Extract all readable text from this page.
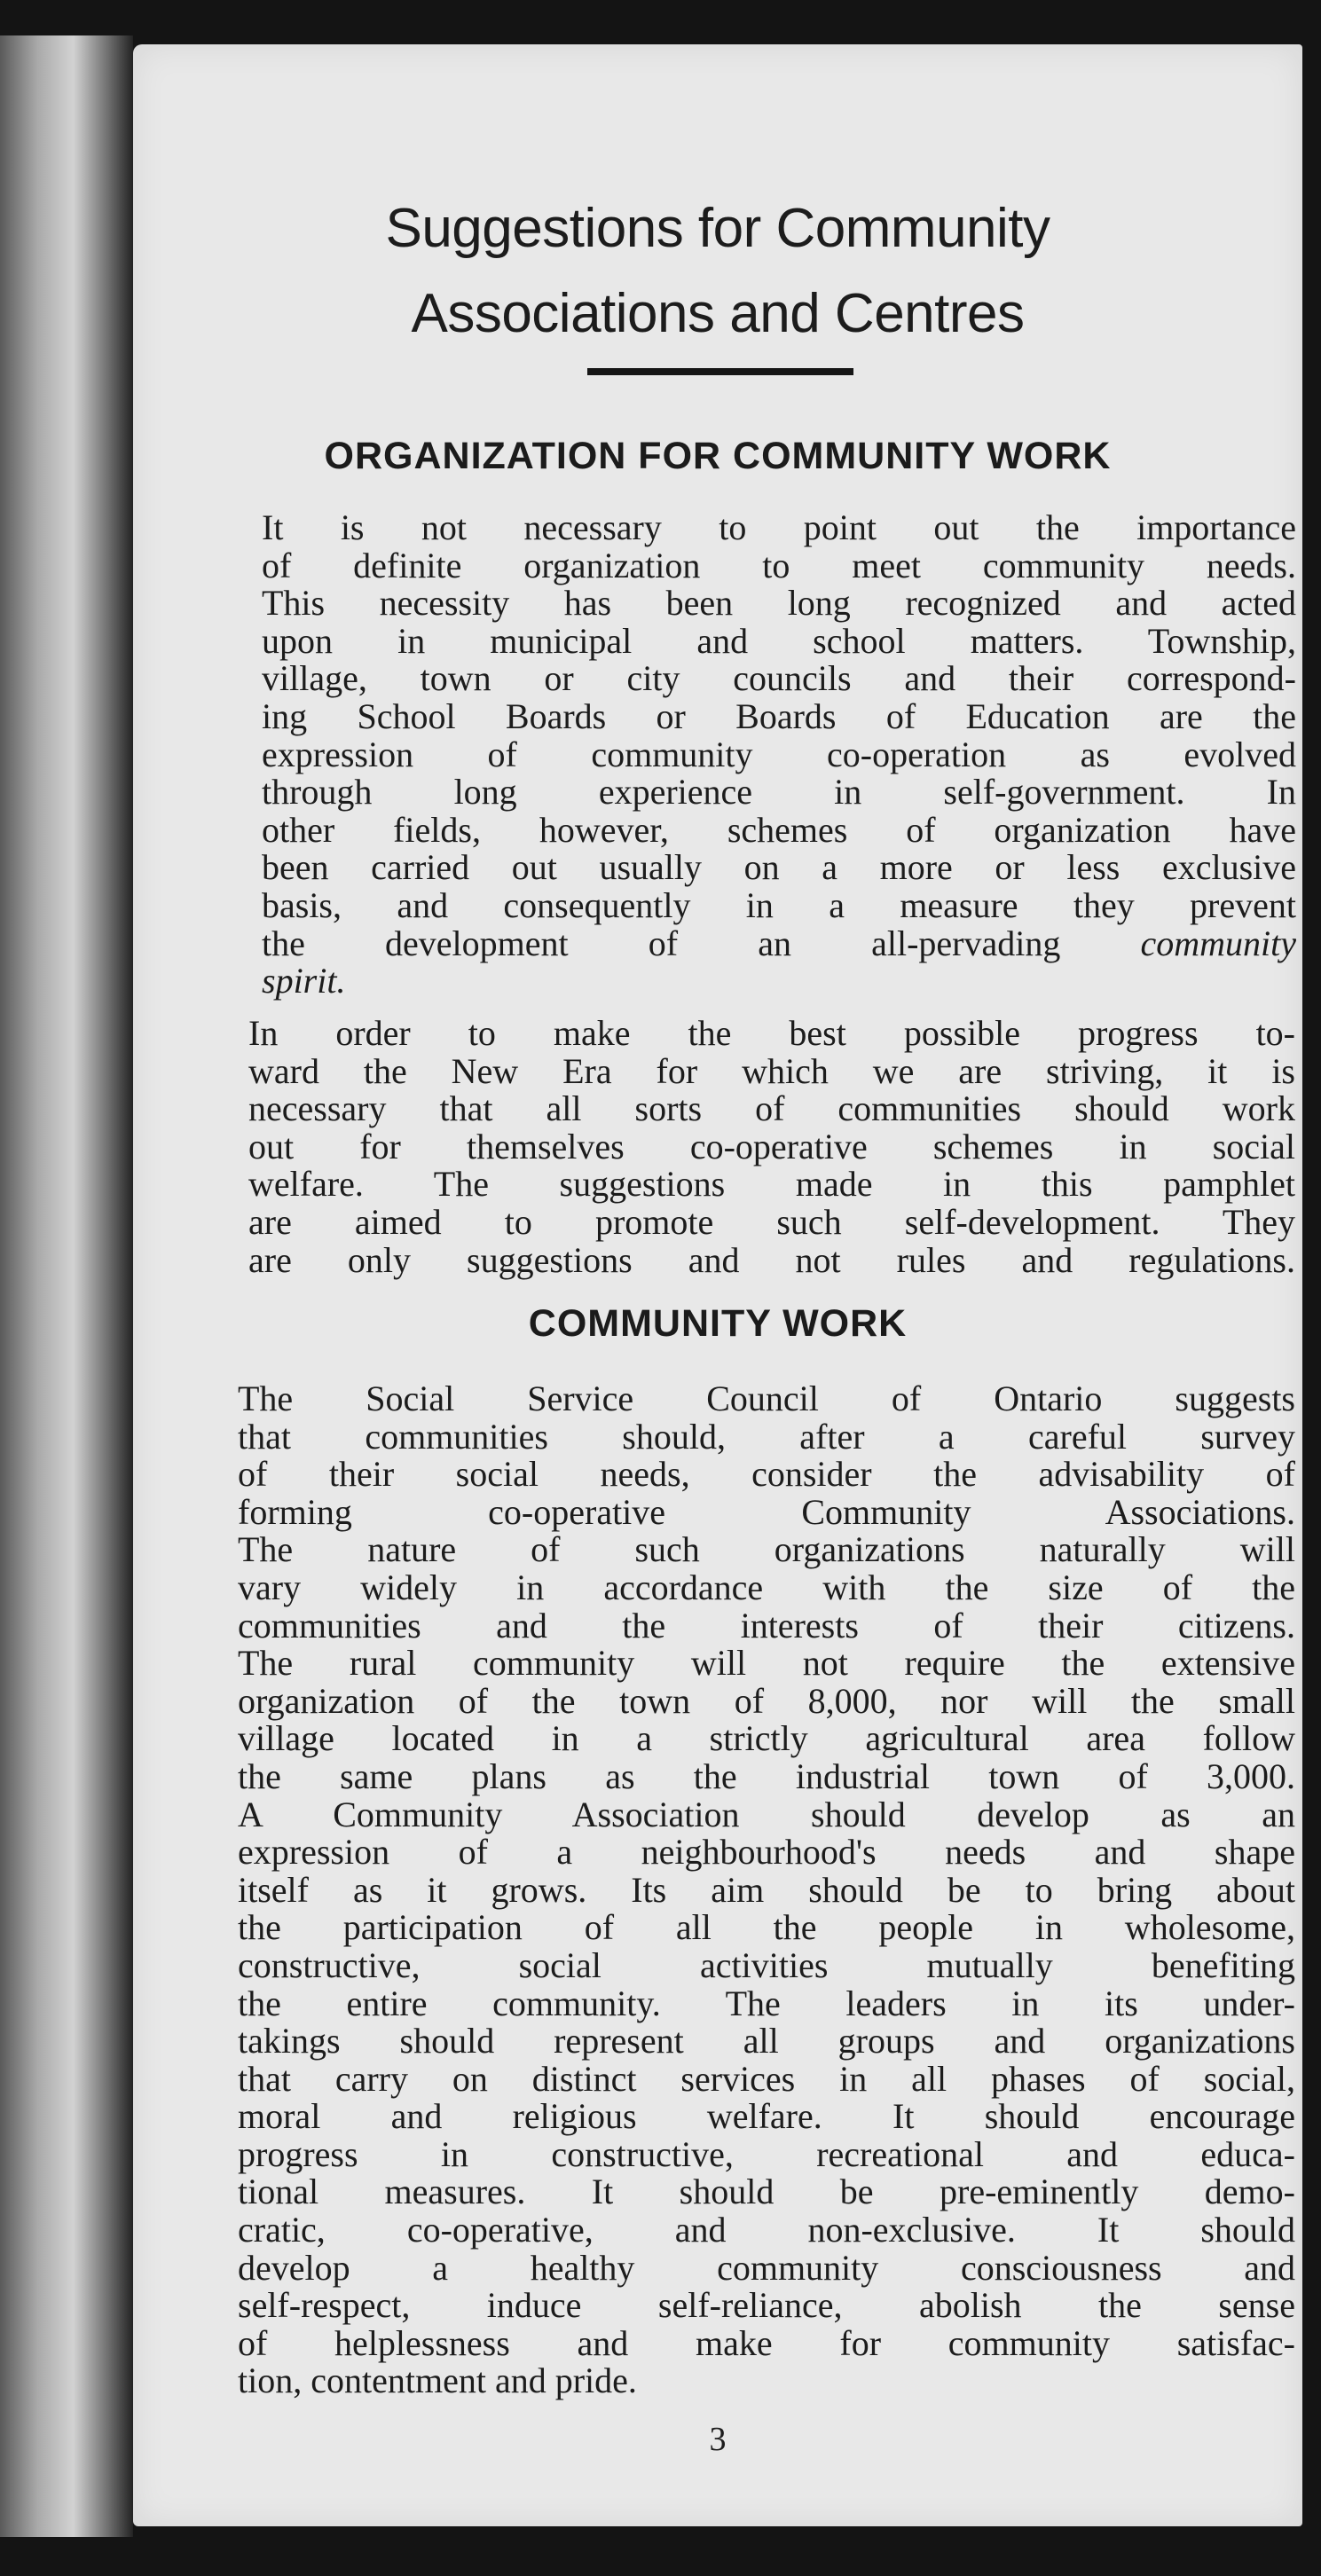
Suggestions for Community
Associations and Centres
ORGANIZATION FOR COMMUNITY WORK
It is not necessary to point out the importance
of definite organization to meet community needs.
This necessity has been long recognized and acted
upon in municipal and school matters. Township,
village, town or city councils and their correspond-
ing School Boards or Boards of Education are the
expression of community co-operation as evolved
through long experience in self-government. In
other fields, however, schemes of organization have
been carried out usually on a more or less exclusive
basis, and consequently in a measure they prevent
the development of an all-pervading community
spirit.
In order to make the best possible progress to-
ward the New Era for which we are striving, it is
necessary that all sorts of communities should work
out for themselves co-operative schemes in social
welfare. The suggestions made in this pamphlet
are aimed to promote such self-development. They
are only suggestions and not rules and regulations.
COMMUNITY WORK
The Social Service Council of Ontario suggests
that communities should, after a careful survey
of their social needs, consider the advisability of
forming co-operative Community Associations.
The nature of such organizations naturally will
vary widely in accordance with the size of the
communities and the interests of their citizens.
The rural community will not require the extensive
organization of the town of 8,000, nor will the small
village located in a strictly agricultural area follow
the same plans as the industrial town of 3,000.
A Community Association should develop as an
expression of a neighbourhood's needs and shape
itself as it grows. Its aim should be to bring about
the participation of all the people in wholesome,
constructive, social activities mutually benefiting
the entire community. The leaders in its under-
takings should represent all groups and organizations
that carry on distinct services in all phases of social,
moral and religious welfare. It should encourage
progress in constructive, recreational and educa-
tional measures. It should be pre-eminently demo-
cratic, co-operative, and non-exclusive. It should
develop a healthy community consciousness and
self-respect, induce self-reliance, abolish the sense
of helplessness and make for community satisfac-
tion, contentment and pride.
3
